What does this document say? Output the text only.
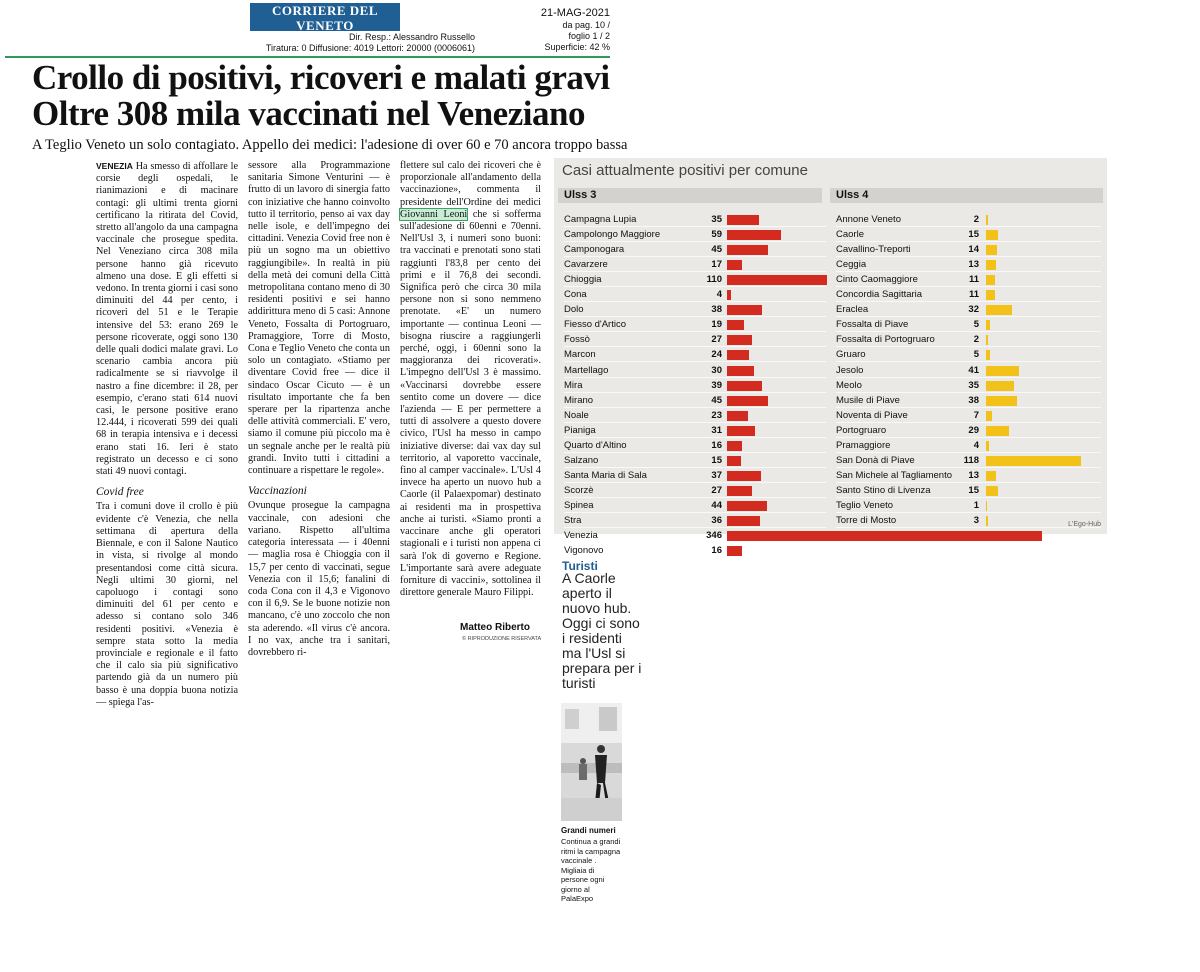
CORRIERE DEL VENETO
VENEZIA E MESTRE
Dir. Resp.: Alessandro Russello
Tiratura: 0 Diffusione: 4019 Lettori: 20000 (0006061)
21-MAG-2021
da pag. 10 /
foglio 1 / 2
Superficie: 42 %
Crollo di positivi, ricoveri e malati gravi
Oltre 308 mila vaccinati nel Veneziano
A Teglio Veneto un solo contagiato. Appello dei medici: l'adesione di over 60 e 70 ancora troppo bassa

VENEZIA Ha smesso di affollare le corsie degli ospedali, le rianimazioni e di macinare contagi: gli ultimi trenta giorni certificano la ritirata del Covid, stretto all'angolo da una campagna vaccinale che prosegue spedita. Nel Veneziano circa 308 mila persone hanno già ricevuto almeno una dose. E gli effetti si vedono. In trenta giorni i casi sono diminuiti del 44 per cento, i ricoveri del 51 e le Terapie intensive del 53: erano 269 le persone ricoverate, oggi sono 130 delle quali dodici malate gravi. Lo scenario cambia ancora più radicalmente se si riavvolge il nastro a fine dicembre: il 28, per esempio, c'erano stati 614 nuovi casi, le persone positive erano 12.444, i ricoverati 599 dei quali 68 in terapia intensiva e i decessi erano stati 16. Ieri è stato registrato un decesso e ci sono stati 49 nuovi contagi.

Covid free

Tra i comuni dove il crollo è più evidente c'è Venezia, che nella settimana di apertura della Biennale, e con il Salone Nautico in vista, si rivolge al mondo presentandosi come città sicura. Negli ultimi 30 giorni, nel capoluogo i contagi sono diminuiti del 61 per cento e adesso si contano solo 346 residenti positivi. «Venezia è sempre stata sotto la media provinciale e regionale e il fatto che il calo sia più significativo partendo già da un numero più basso è una doppia buona notizia — spiega l'as-

sessore alla Programmazione sanitaria Simone Venturini — è frutto di un lavoro di sinergia fatto con iniziative che hanno coinvolto tutto il territorio, penso ai vax day nelle isole, e dell'impegno dei cittadini. Venezia Covid free non è più un sogno ma un obiettivo raggiungibile». In realtà in più della metà dei comuni della Città metropolitana contano meno di 30 residenti positivi e sei hanno addirittura meno di 5 casi: Annone Veneto, Fossalta di Portogruaro, Pramaggiore, Torre di Mosto, Cona e Teglio Veneto che conta un solo un contagiato. «Stiamo per diventare Covid free — dice il sindaco Oscar Cicuto — è un risultato importante che fa ben sperare per la ripartenza anche delle attività commerciali. E' vero, siamo il comune più piccolo ma è un segnale anche per le realtà più grandi. Invito tutti i cittadini a continuare a rispettare le regole».

Vaccinazioni

Ovunque prosegue la campagna vaccinale, con adesioni che variano. Rispetto all'ultima categoria interessata — i 40enni — maglia rosa è Chioggia con il 15,7 per cento di vaccinati, segue Venezia con il 15,6; fanalini di coda Cona con il 4,3 e Vigonovo con il 6,9. Se le buone notizie non mancano, c'è uno zoccolo che non sta aderendo. «Il virus c'è ancora. I no vax, anche tra i sanitari, dovrebbero ri-

flettere sul calo dei ricoveri che è proporzionale all'andamento della vaccinazione», commenta il presidente dell'Ordine dei medici Giovanni Leoni che si sofferma sull'adesione di 60enni e 70enni. Nell'Usl 3, i numeri sono buoni: tra vaccinati e prenotati sono stati raggiunti l'83,8 per cento dei primi e il 76,8 dei secondi. Significa però che circa 30 mila persone non si sono nemmeno prenotate. «E' un numero importante — continua Leoni — bisogna riuscire a raggiungerli perché, oggi, i 60enni sono la maggioranza dei ricoverati». L'impegno dell'Usl 3 è massimo. «Vaccinarsi dovrebbe essere sentito come un dovere — dice l'azienda — E per permettere a tutti di assolvere a questo dovere civico, l'Usl ha messo in campo iniziative diverse: dai vax day sul territorio, al vaporetto vaccinale, fino al camper vaccinale». L'Usl 4 invece ha aperto un nuovo hub a Caorle (il Palaexpomar) destinato ai residenti ma in prospettiva anche ai turisti. «Siamo pronti a vaccinare anche gli operatori stagionali e i turisti non appena ci sarà l'ok di governo e Regione. L'importante sarà avere adeguate forniture di vaccini», sottolinea il direttore generale Mauro Filippi.

Matteo Riberto
© RIPRODUZIONE RISERVATA
Casi attualmente positivi per comune
Ulss 3	Ulss 4
Campagna Lupia	35
Campolongo Maggiore	59
Camponogara	45
Cavarzere	17
Chioggia	110
Cona	4
Dolo	38
Fiesso d'Artico	19
Fossò	27
Marcon	24
Martellago	30
Mira	39
Mirano	45
Noale	23
Pianiga	31
Quarto d'Altino	16
Salzano	15
Santa Maria di Sala	37
Scorzè	27
Spinea	44
Stra	36
Venezia	346
Vigonovo	16
Annone Veneto	2
Caorle	15
Cavallino-Treporti	14
Ceggia	13
Cinto Caomaggiore	11
Concordia Sagittaria	11
Eraclea	32
Fossalta di Piave	5
Fossalta di Portogruaro	2
Gruaro	5
Jesolo	41
Meolo	35
Musile di Piave	38
Noventa di Piave	7
Portogruaro	29
Pramaggiore	4
San Donà di Piave	118
San Michele al Tagliamento	13
Santo Stino di Livenza	15
Teglio Veneto	1
Torre di Mosto	3	L'Ego-Hub
Turisti
A Caorle aperto il nuovo hub. Oggi ci sono i residenti ma l'Usl si prepara per i turisti
Grandi numeri
Continua a grandi ritmi la campagna vaccinale . Migliaia di persone ogni giorno al PalaExpo
